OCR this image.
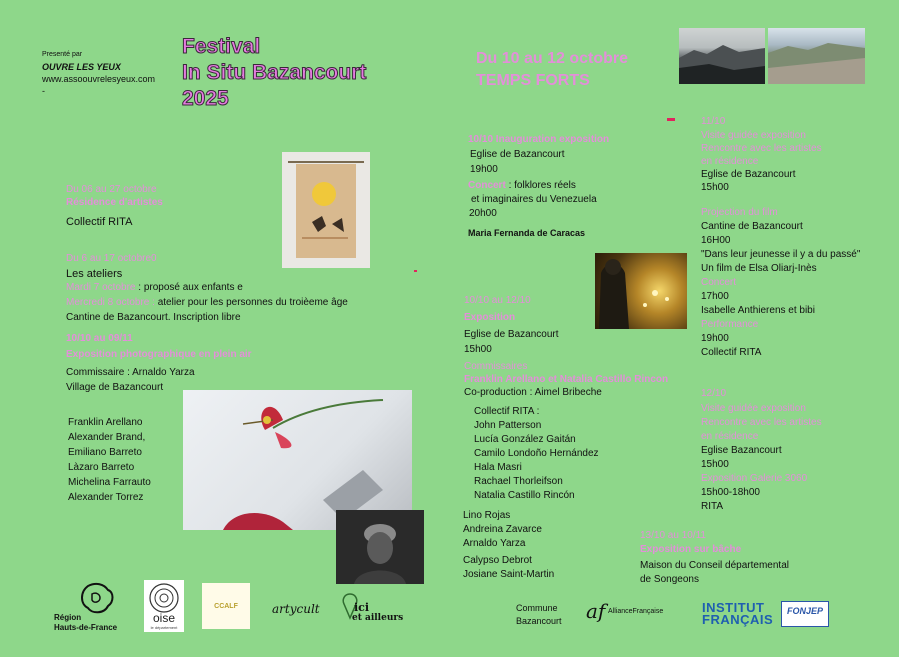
Presenté par
OUVRE LES YEUX
www.assoouvrelesyeux.com
-
Festival
In Situ Bazancourt
2025
Du 10 au 12 octobre
TEMPS FORTS
Du 06 au 27 octobre
Résidence d'artistes
Collectif RITA
Du 6 au 17 octobre0
Les ateliers
Mardi 7 octobre : proposé aux enfants e
Mercredi 8 octobre : atelier pour les personnes du troièeme âge
Cantine de Bazancourt. Inscription libre
10/10 au 09/11
Exposition photographique en plein air
Commissaire : Arnaldo Yarza
Village de Bazancourt
Franklin Arellano
Alexander Brand,
Emiliano Barreto
Làzaro Barreto
Michelina Farrauto
Alexander Torrez
10/10 Inauguration exposition
Eglise de Bazancourt
19h00
Concert : folklores réels
et imaginaires du Venezuela
20h00
Maria Fernanda de Caracas
10/10 au 12/10
Exposition
Eglise de Bazancourt
15h00
Commissaires
Franklin Arellano et Natalia Castillo Rincon
Co-production : Aimel Bribeche
Collectif RITA :
John Patterson
Lucía González Gaitán
Camilo Londoño Hernández
Hala Masri
Rachael Thorleifson
Natalia Castillo Rincón
Lino Rojas
Andreina Zavarce
Arnaldo Yarza
Calypso Debrot
Josiane Saint-Martin
11/10
Visite guidée exposition
Rencontre avec les artistes
en résidence
Eglise de Bazancourt
15h00
Projection du film
Cantine de Bazancourt
16H00
"Dans leur jeunesse il y a du passé"
Un film de Elsa Oliarj-Inès
Concert
17h00
Isabelle Anthierens et bibi
Performance
19h00
Collectif RITA
12/10
Visite guidée exposition
Rencontre avec les artistes
en résidence
Eglise Bazancourt
15h00
Exposition Galerie 3060
15h00-18h00
RITA
13/10 au 10/11
Exposition sur bâche
Maison du Conseil départemental
de Songeons
Région
Hauts-de-France
oise
le département
CCALF	artycult	ici
et ailleurs
Commune
Bazancourt af AllianceFrançaise	INSTITUT
FRANÇAIS
FONJEP
